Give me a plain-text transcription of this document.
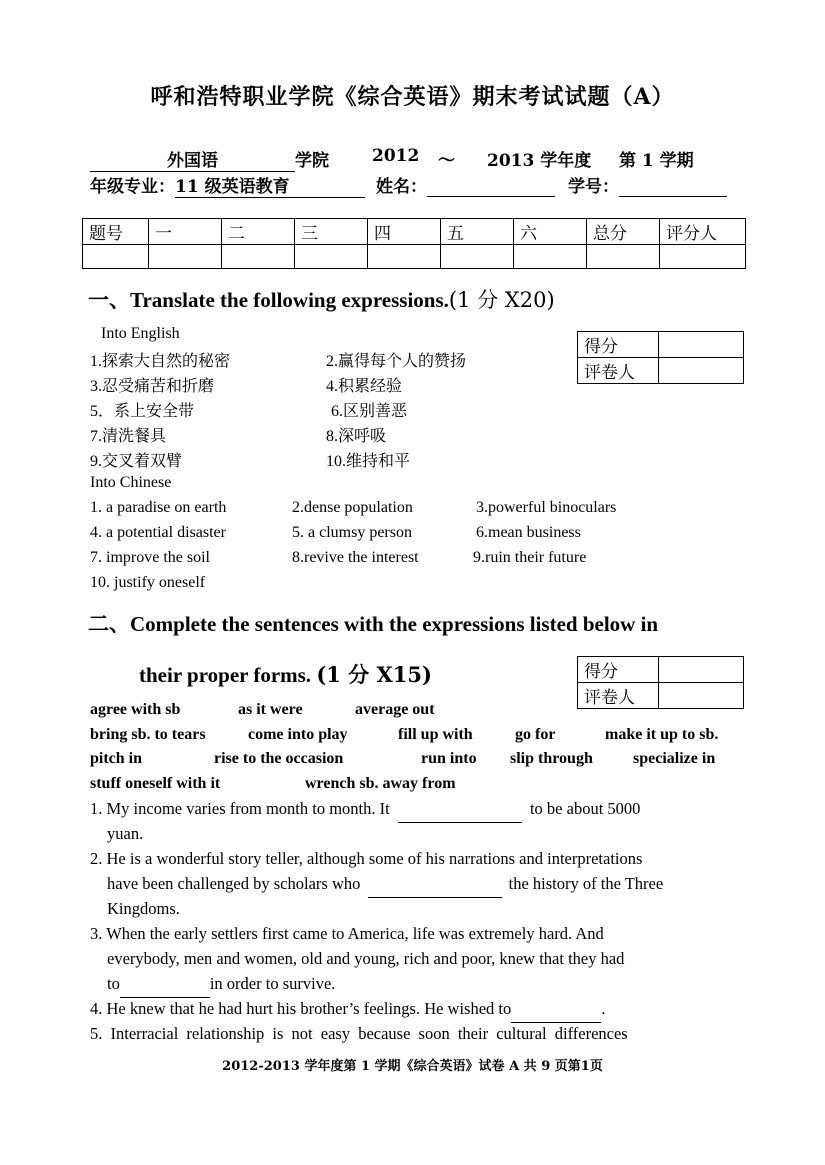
呼和浩特职业学院《综合英语》期末考试试题（A）
外国语	学院	2012 ～ 2013 学年度 第 1 学期
年级专业：11 级英语教育	姓名：	学号：
题号	一	二	三	四	五	六	总分	评分人

一、Translate the following expressions.(1 分 X20)
得分	
评卷人	
Into English
1.探索大自然的秘密	2.赢得每个人的赞扬
3.忍受痛苦和折磨	4.积累经验
5．系上安全带	6.区别善恶
7.清洗餐具	8.深呼吸
9.交叉着双臂	10.维持和平
Into Chinese
1. a paradise on earth	2.dense population	3.powerful binoculars
4. a potential disaster	5. a clumsy person	6.mean business
7. improve the soil	8.revive the interest	9.ruin their future
10. justify oneself
二、Complete the sentences with the expressions listed below in
their proper forms. (1 分 X15)	得分	
评卷人	
agree with sb	as it were	average out
bring sb. to tears	come into play	fill up with	go for	make it up to sb.
pitch in	rise to the occasion	run into slip through	specialize in
stuff oneself with it	wrench sb. away from
1. My income varies from month to month. It	to be about 5000
yuan.
2. He is a wonderful story teller, although some of his narrations and interpretations
have been challenged by scholars who	the history of the Three
Kingdoms.
3. When the early settlers first came to America, life was extremely hard. And
everybody, men and women, old and young, rich and poor, knew that they had
to	in order to survive.
4. He knew that he had hurt his brother’s feelings. He wished to	.
5. Interracial relationship is not easy because soon their cultural differences
2012-2013 学年度第 1 学期《综合英语》试卷 A 共 9 页第1页
